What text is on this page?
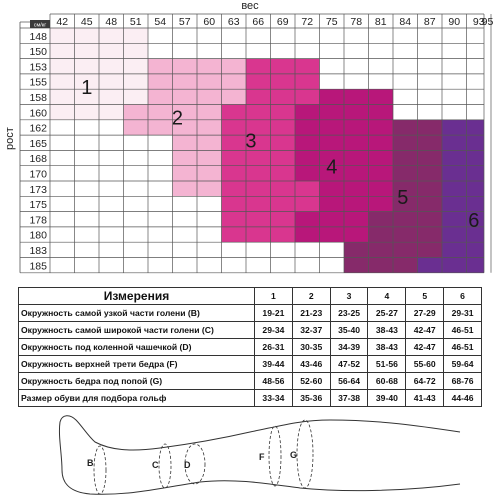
вес
рост
см/кг 42 45 48 51 54 57 60 63 66 69 72 75 78 81 84 87 90 93
95
148
150
153
155
158
160
162
165
168
170
173
175
178
180
183
185
1
2
3
4
5
6
Измерения	1	2	3	4	5	6
Окружность самой узкой части голени (B)	19-21	21-23	23-25	25-27	27-29	29-31
Окружность самой широкой части голени (C)	29-34	32-37	35-40	38-43	42-47	46-51
Окружность под коленной чашечкой (D)	26-31	30-35	34-39	38-43	42-47	46-51
Окружность верхней трети бедра (F)	39-44	43-46	47-52	51-56	55-60	59-64
Окружность бедра под попой (G)	48-56	52-60	56-64	60-68	64-72	68-76
Размер обуви для подбора гольф	33-34	35-36	37-38	39-40	41-43	44-46
B	C	D
F	G
